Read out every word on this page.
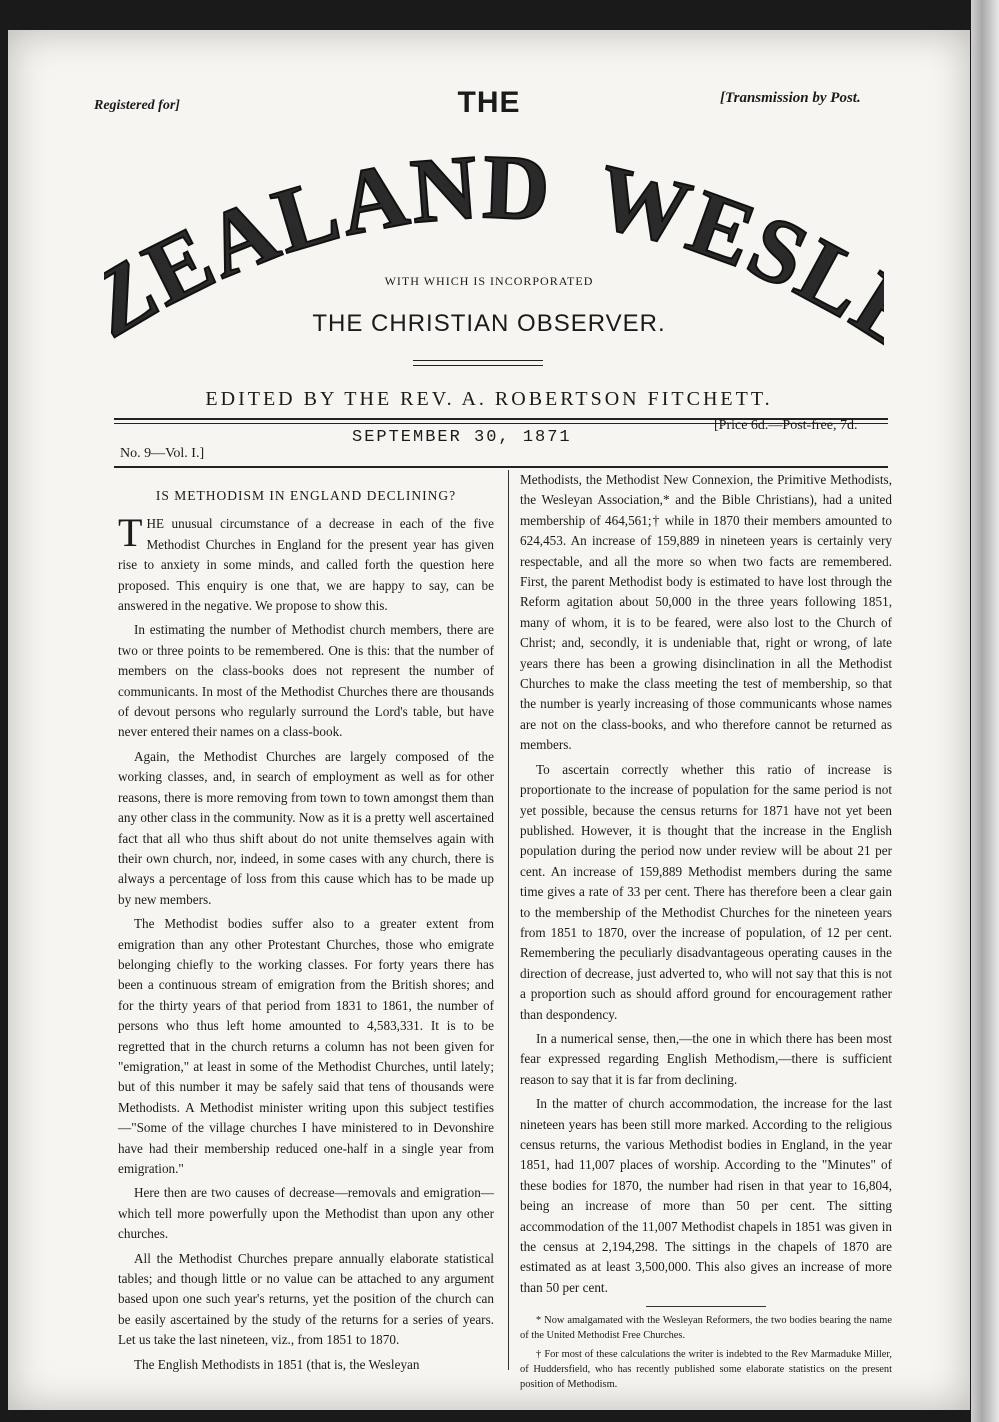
Registered for]	[Transmission by Post.
THE
EALAND WESL
WITH WHICH IS INCORPORATED
THE CHRISTIAN OBSERVER.
EDITED BY THE REV. A. ROBERTSON FITCHETT.
No. 9—Vol. I.]
SEPTEMBER 30, 1871
[Price 6d.—Post-free, 7d.
IS METHODISM IN ENGLAND DECLINING?

THE unusual circumstance of a decrease in each of the five Methodist Churches in England for the present year has given rise to anxiety in some minds, and called forth the question here proposed. This enquiry is one that, we are happy to say, can be answered in the negative. We propose to show this.

In estimating the number of Methodist church members, there are two or three points to be remembered. One is this: that the number of members on the class-books does not represent the number of communicants. In most of the Methodist Churches there are thousands of devout persons who regularly surround the Lord's table, but have never entered their names on a class-book.

Again, the Methodist Churches are largely composed of the working classes, and, in search of employment as well as for other reasons, there is more removing from town to town amongst them than any other class in the community. Now as it is a pretty well ascertained fact that all who thus shift about do not unite themselves again with their own church, nor, indeed, in some cases with any church, there is always a percentage of loss from this cause which has to be made up by new members.

The Methodist bodies suffer also to a greater extent from emigration than any other Protestant Churches, those who emigrate belonging chiefly to the working classes. For forty years there has been a continuous stream of emigration from the British shores; and for the thirty years of that period from 1831 to 1861, the number of persons who thus left home amounted to 4,583,331. It is to be regretted that in the church returns a column has not been given for "emigration," at least in some of the Methodist Churches, until lately; but of this number it may be safely said that tens of thousands were Methodists. A Methodist minister writing upon this subject testifies—"Some of the village churches I have ministered to in Devonshire have had their membership reduced one-half in a single year from emigration."

Here then are two causes of decrease—removals and emigration—which tell more powerfully upon the Methodist than upon any other churches.

All the Methodist Churches prepare annually elaborate statistical tables; and though little or no value can be attached to any argument based upon one such year's returns, yet the position of the church can be easily ascertained by the study of the returns for a series of years. Let us take the last nineteen, viz., from 1851 to 1870.

The English Methodists in 1851 (that is, the Wesleyan

Methodists, the Methodist New Connexion, the Primitive Methodists, the Wesleyan Association,* and the Bible Christians), had a united membership of 464,561;† while in 1870 their members amounted to 624,453. An increase of 159,889 in nineteen years is certainly very respectable, and all the more so when two facts are remembered. First, the parent Methodist body is estimated to have lost through the Reform agitation about 50,000 in the three years following 1851, many of whom, it is to be feared, were also lost to the Church of Christ; and, secondly, it is undeniable that, right or wrong, of late years there has been a growing disinclination in all the Methodist Churches to make the class meeting the test of membership, so that the number is yearly increasing of those communicants whose names are not on the class-books, and who therefore cannot be returned as members.

To ascertain correctly whether this ratio of increase is proportionate to the increase of population for the same period is not yet possible, because the census returns for 1871 have not yet been published. However, it is thought that the increase in the English population during the period now under review will be about 21 per cent. An increase of 159,889 Methodist members during the same time gives a rate of 33 per cent. There has therefore been a clear gain to the membership of the Methodist Churches for the nineteen years from 1851 to 1870, over the increase of population, of 12 per cent. Remembering the peculiarly disadvantageous operating causes in the direction of decrease, just adverted to, who will not say that this is not a proportion such as should afford ground for encouragement rather than despondency.

In a numerical sense, then,—the one in which there has been most fear expressed regarding English Methodism,—there is sufficient reason to say that it is far from declining.

In the matter of church accommodation, the increase for the last nineteen years has been still more marked. According to the religious census returns, the various Methodist bodies in England, in the year 1851, had 11,007 places of worship. According to the "Minutes" of these bodies for 1870, the number had risen in that year to 16,804, being an increase of more than 50 per cent. The sitting accommodation of the 11,007 Methodist chapels in 1851 was given in the census at 2,194,298. The sittings in the chapels of 1870 are estimated as at least 3,500,000. This also gives an increase of more than 50 per cent.

* Now amalgamated with the Wesleyan Reformers, the two bodies bearing the name of the United Methodist Free Churches.

† For most of these calculations the writer is indebted to the Rev Marmaduke Miller, of Huddersfield, who has recently published some elaborate statistics on the present position of Methodism.
